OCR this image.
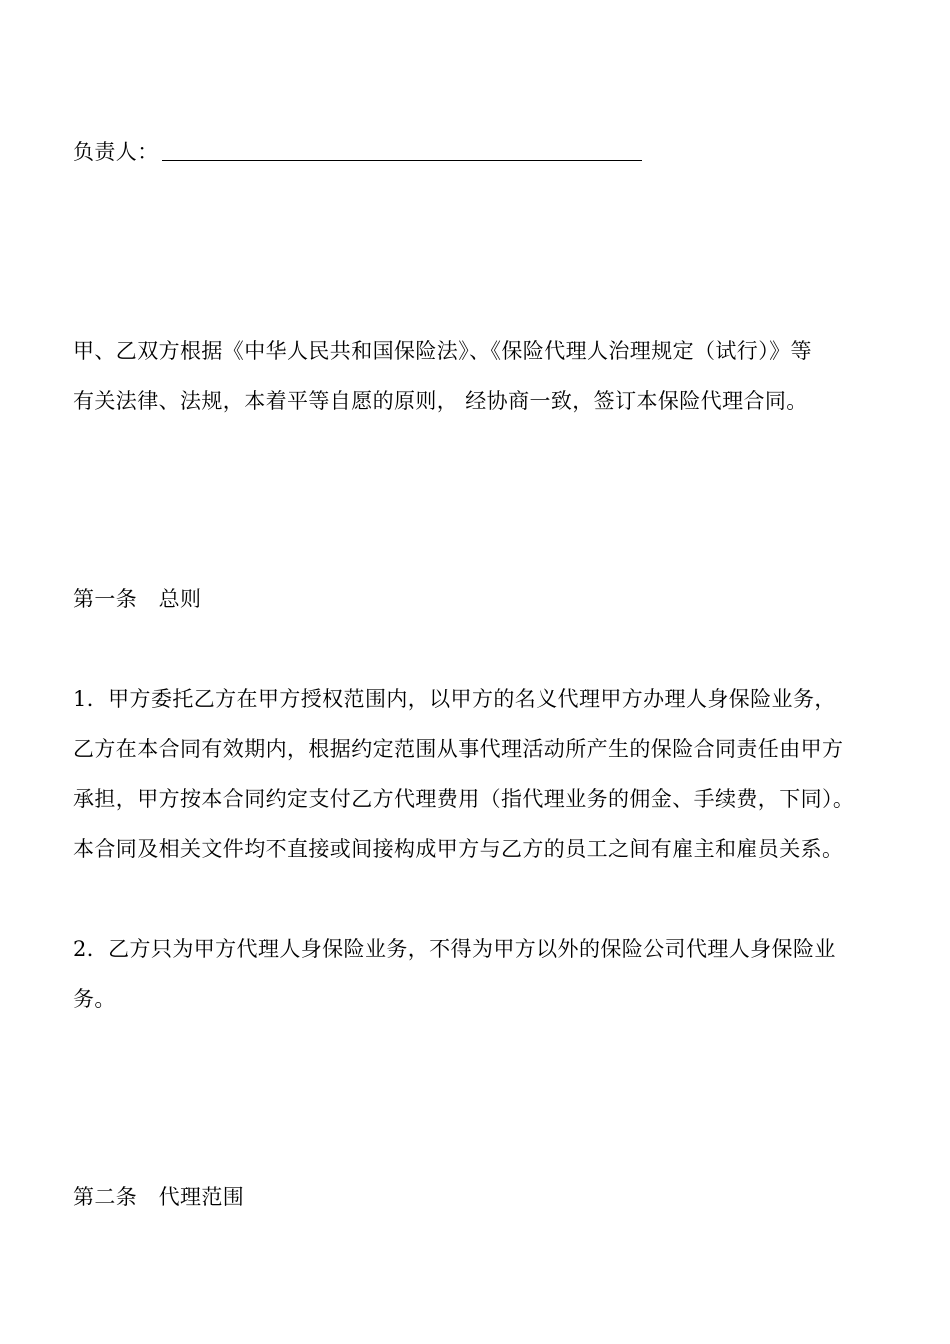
负责人：
甲、乙双方根据《中华人民共和国保险法》、《保险代理人治理规定（试行）》等
有关法律、法规，本着平等自愿的原则， 经协商一致，签订本保险代理合同。
第一条　总则
1．甲方委托乙方在甲方授权范围内，以甲方的名义代理甲方办理人身保险业务，
乙方在本合同有效期内，根据约定范围从事代理活动所产生的保险合同责任由甲方
承担，甲方按本合同约定支付乙方代理费用（指代理业务的佣金、手续费，下同）。
本合同及相关文件均不直接或间接构成甲方与乙方的员工之间有雇主和雇员关系。
2．乙方只为甲方代理人身保险业务，不得为甲方以外的保险公司代理人身保险业
务。
第二条　代理范围
